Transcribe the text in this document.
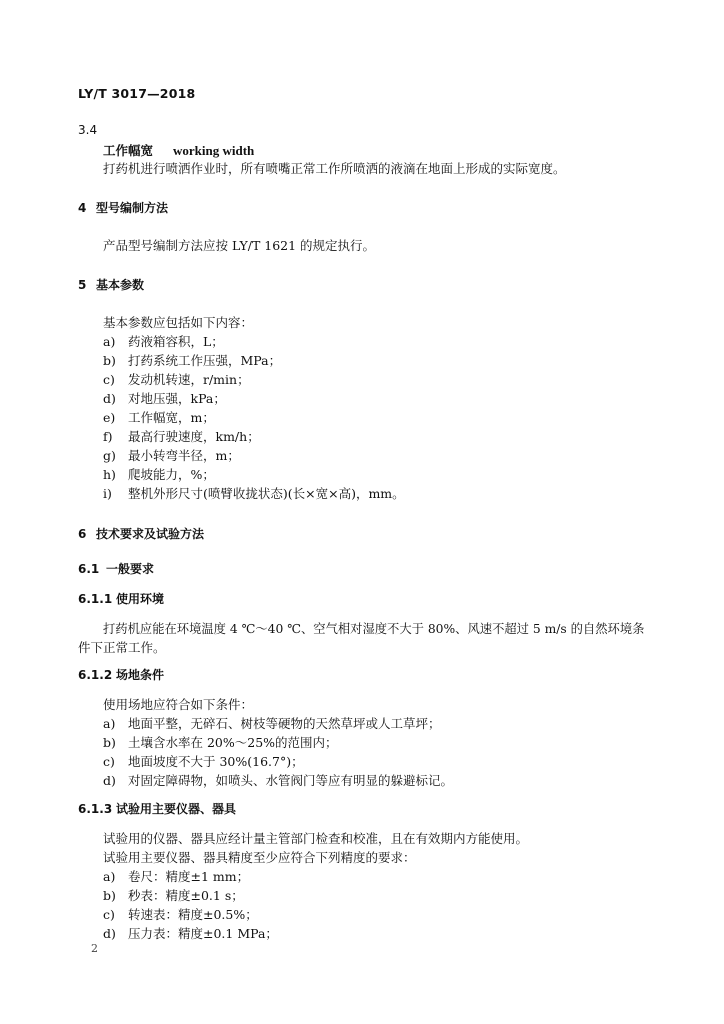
LY/T 3017—2018
3.4
工作幅宽 working width
打药机进行喷洒作业时，所有喷嘴正常工作所喷洒的液滴在地面上形成的实际宽度。
4 型号编制方法
产品型号编制方法应按 LY/T 1621 的规定执行。
5 基本参数
基本参数应包括如下内容：
a) 药液箱容积，L；
b) 打药系统工作压强，MPa；
c) 发动机转速，r/min；
d) 对地压强，kPa；
e) 工作幅宽，m；
f) 最高行驶速度，km/h；
g) 最小转弯半径，m；
h) 爬坡能力，%；
i) 整机外形尺寸(喷臂收拢状态)(长×宽×高)，mm。
6 技术要求及试验方法
6.1 一般要求
6.1.1 使用环境
打药机应能在环境温度 4 ℃～40 ℃、空气相对湿度不大于 80%、风速不超过 5 m/s 的自然环境条
件下正常工作。
6.1.2 场地条件
使用场地应符合如下条件：
a) 地面平整，无碎石、树枝等硬物的天然草坪或人工草坪；
b) 土壤含水率在 20%～25%的范围内；
c) 地面坡度不大于 30%(16.7°)；
d) 对固定障碍物，如喷头、水管阀门等应有明显的躲避标记。
6.1.3 试验用主要仪器、器具
试验用的仪器、器具应经计量主管部门检查和校准，且在有效期内方能使用。
试验用主要仪器、器具精度至少应符合下列精度的要求：
a) 卷尺：精度±1 mm；
b) 秒表：精度±0.1 s；
c) 转速表：精度±0.5%；
d) 压力表：精度±0.1 MPa；
2
